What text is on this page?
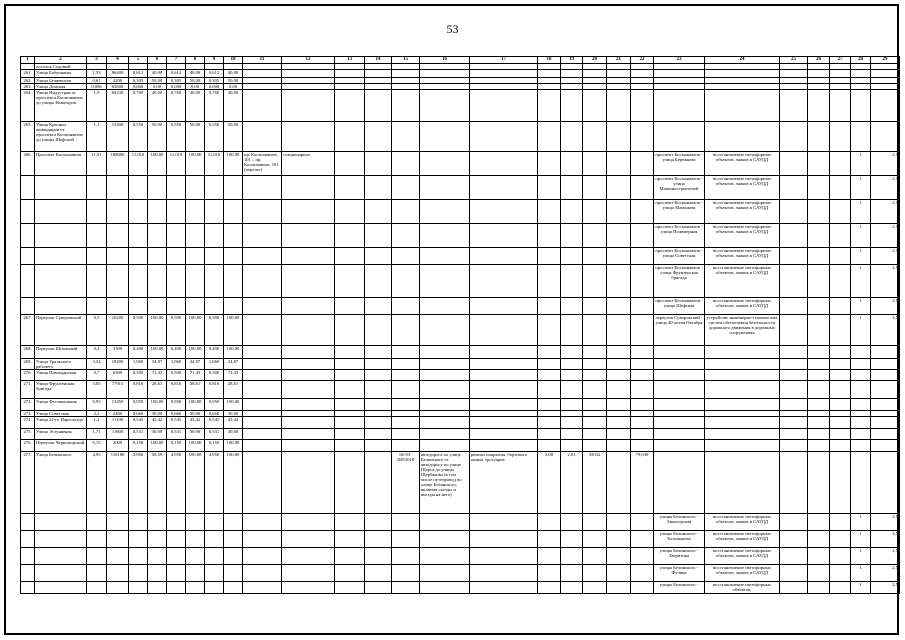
53
1	2	3	4	5	6	7	8	9	10	11	12	13	14	15	16	17	18	19	20	21	22	23	24	25	26	27	28	29
	поселок Садовый																											
261.	Улица Бабушкина	1,53	86400	0,612	40,00	0,612	40,00	0,612	40,00																			
262.	Улица Беляевская	0,61	4200	0,305	50,00	0,305	50,00	0,305	50,00																			
263.	Улица Донская	0,086	63600	0,000	0,00	0,000	0,00	0,000	0,00																			
264.	Улица Индустрия от проспекта Космонавтов до улицы Новаторов	1,9	84230	0,760	40,00	0,760	40,00	0,760	40,00																			
265.	Улица Красных командиров от проспекта Космонавтов до улицы Шефской	1,1	15400	0,550	50,00	0,550	50,00	0,550	50,00																			
266.	Проспект Космонавтов	11,01	188000	11,010	100,00	11,010	100,00	11,010	100,00	пр. Космонавтов, 101 – пр. Космонавтов, 101 (перелет)	стационарное											проспект Космонавтов - улица Бережкова	восстановление светофорных объектов, знаков и САУДД				1	2,5
																						проспект Космонавтов - улица Машиностроителей	восстановление светофорных объектов, знаков и САУДД				1	2,5
																						проспект Космонавтов - улица Мамонова	восстановление светофорных объектов, знаков и САУДД				1	2,5
																						проспект Космонавтов - улица Полимерная	восстановление светофорных объектов, знаков и САУДД				1	2,5
																						проспект Космонавтов - улица Советская	восстановление светофорных объектов, знаков и САУДД				1	2,5
																						проспект Космонавтов - улица Фрунзенская бригада	восстановление светофорных объектов, знаков и САУДД				1	2,5
																						проспект Космонавтов - улица Шефская	восстановление светофорных объектов, знаков и САУДД				1	2,5
267.	Переулок Суворовский	0,5	10200	0,500	100,00	0,500	100,00	0,500	100,00													переулок Суворовский - улица 40-летия Октября	устройство инженерно-технических систем обеспечения безопасности дорожного движения в дорожных сооружениях				1	2,7
268.	Переулок Шпальный	0,4	3300	0,400	100,00	0,400	100,00	0,400	100,00																			
269.	Улица Уральского рабочего	3,34	18200	1,060	34,87	1,060	34,87	1,060	34,87																			
270.	Улица Павлодарская	0,7	6300	0,500	71,43	0,500	71,43	0,500	71,43																			
271.	Улица Фрунзенская бригада	3,05	77915	0,816	28,61	0,816	28,61	0,816	28,61																			
272.	Улица Фестивальная	0,95	13450	0,950	100,00	0,950	100,00	0,950	100,00																			
273.	Улица Советская	2,2	2400	0,660	30,00	0,660	30,00	0,660	30,00																			
274.	Улица 22-го Партсъезда	1,2	11100	0,545	45,42	0,545	45,42	0,545	45,42																			
275.	Улица Эстуняеная	1,71	11800	0,531	30,00	0,531	30,00	0,531	30,00																			
276.	Переулок Черноморский	0,15	2000	0,150	100,00	0,150	100,00	0,150	100,00																			
277.	Улица Белинского	4,95	116180	2,900	58,59	4,950	100,00	4,950	100,00					66-03-268/2018	автодорога по улице Белинского от автодорогу по улице Щорса до улицы Щербакова (в том числе путепровод по улице Белинского, включая съезды и въезды на него)	ремонт покрытия, бортового камня, тротуаров	5,00	2,01	35032		79,039							
																						улицы Белинского - Авиаторская	восстановление светофорных объектов, знаков и САУДД				1	2,5
																						улицы Белинского - Большакова	восстановление светофорных объектов, знаков и САУДД				1	2,5
																						улицы Белинского - Тверитина	восстановление светофорных объектов, знаков и САУДД				1	2,5
																						улицы Белинского - Фучика	восстановление светофорных объектов, знаков и САУДД				1	2,5
																						улицы Белинского -	восстановление светофорных объектов,				1	2,5
